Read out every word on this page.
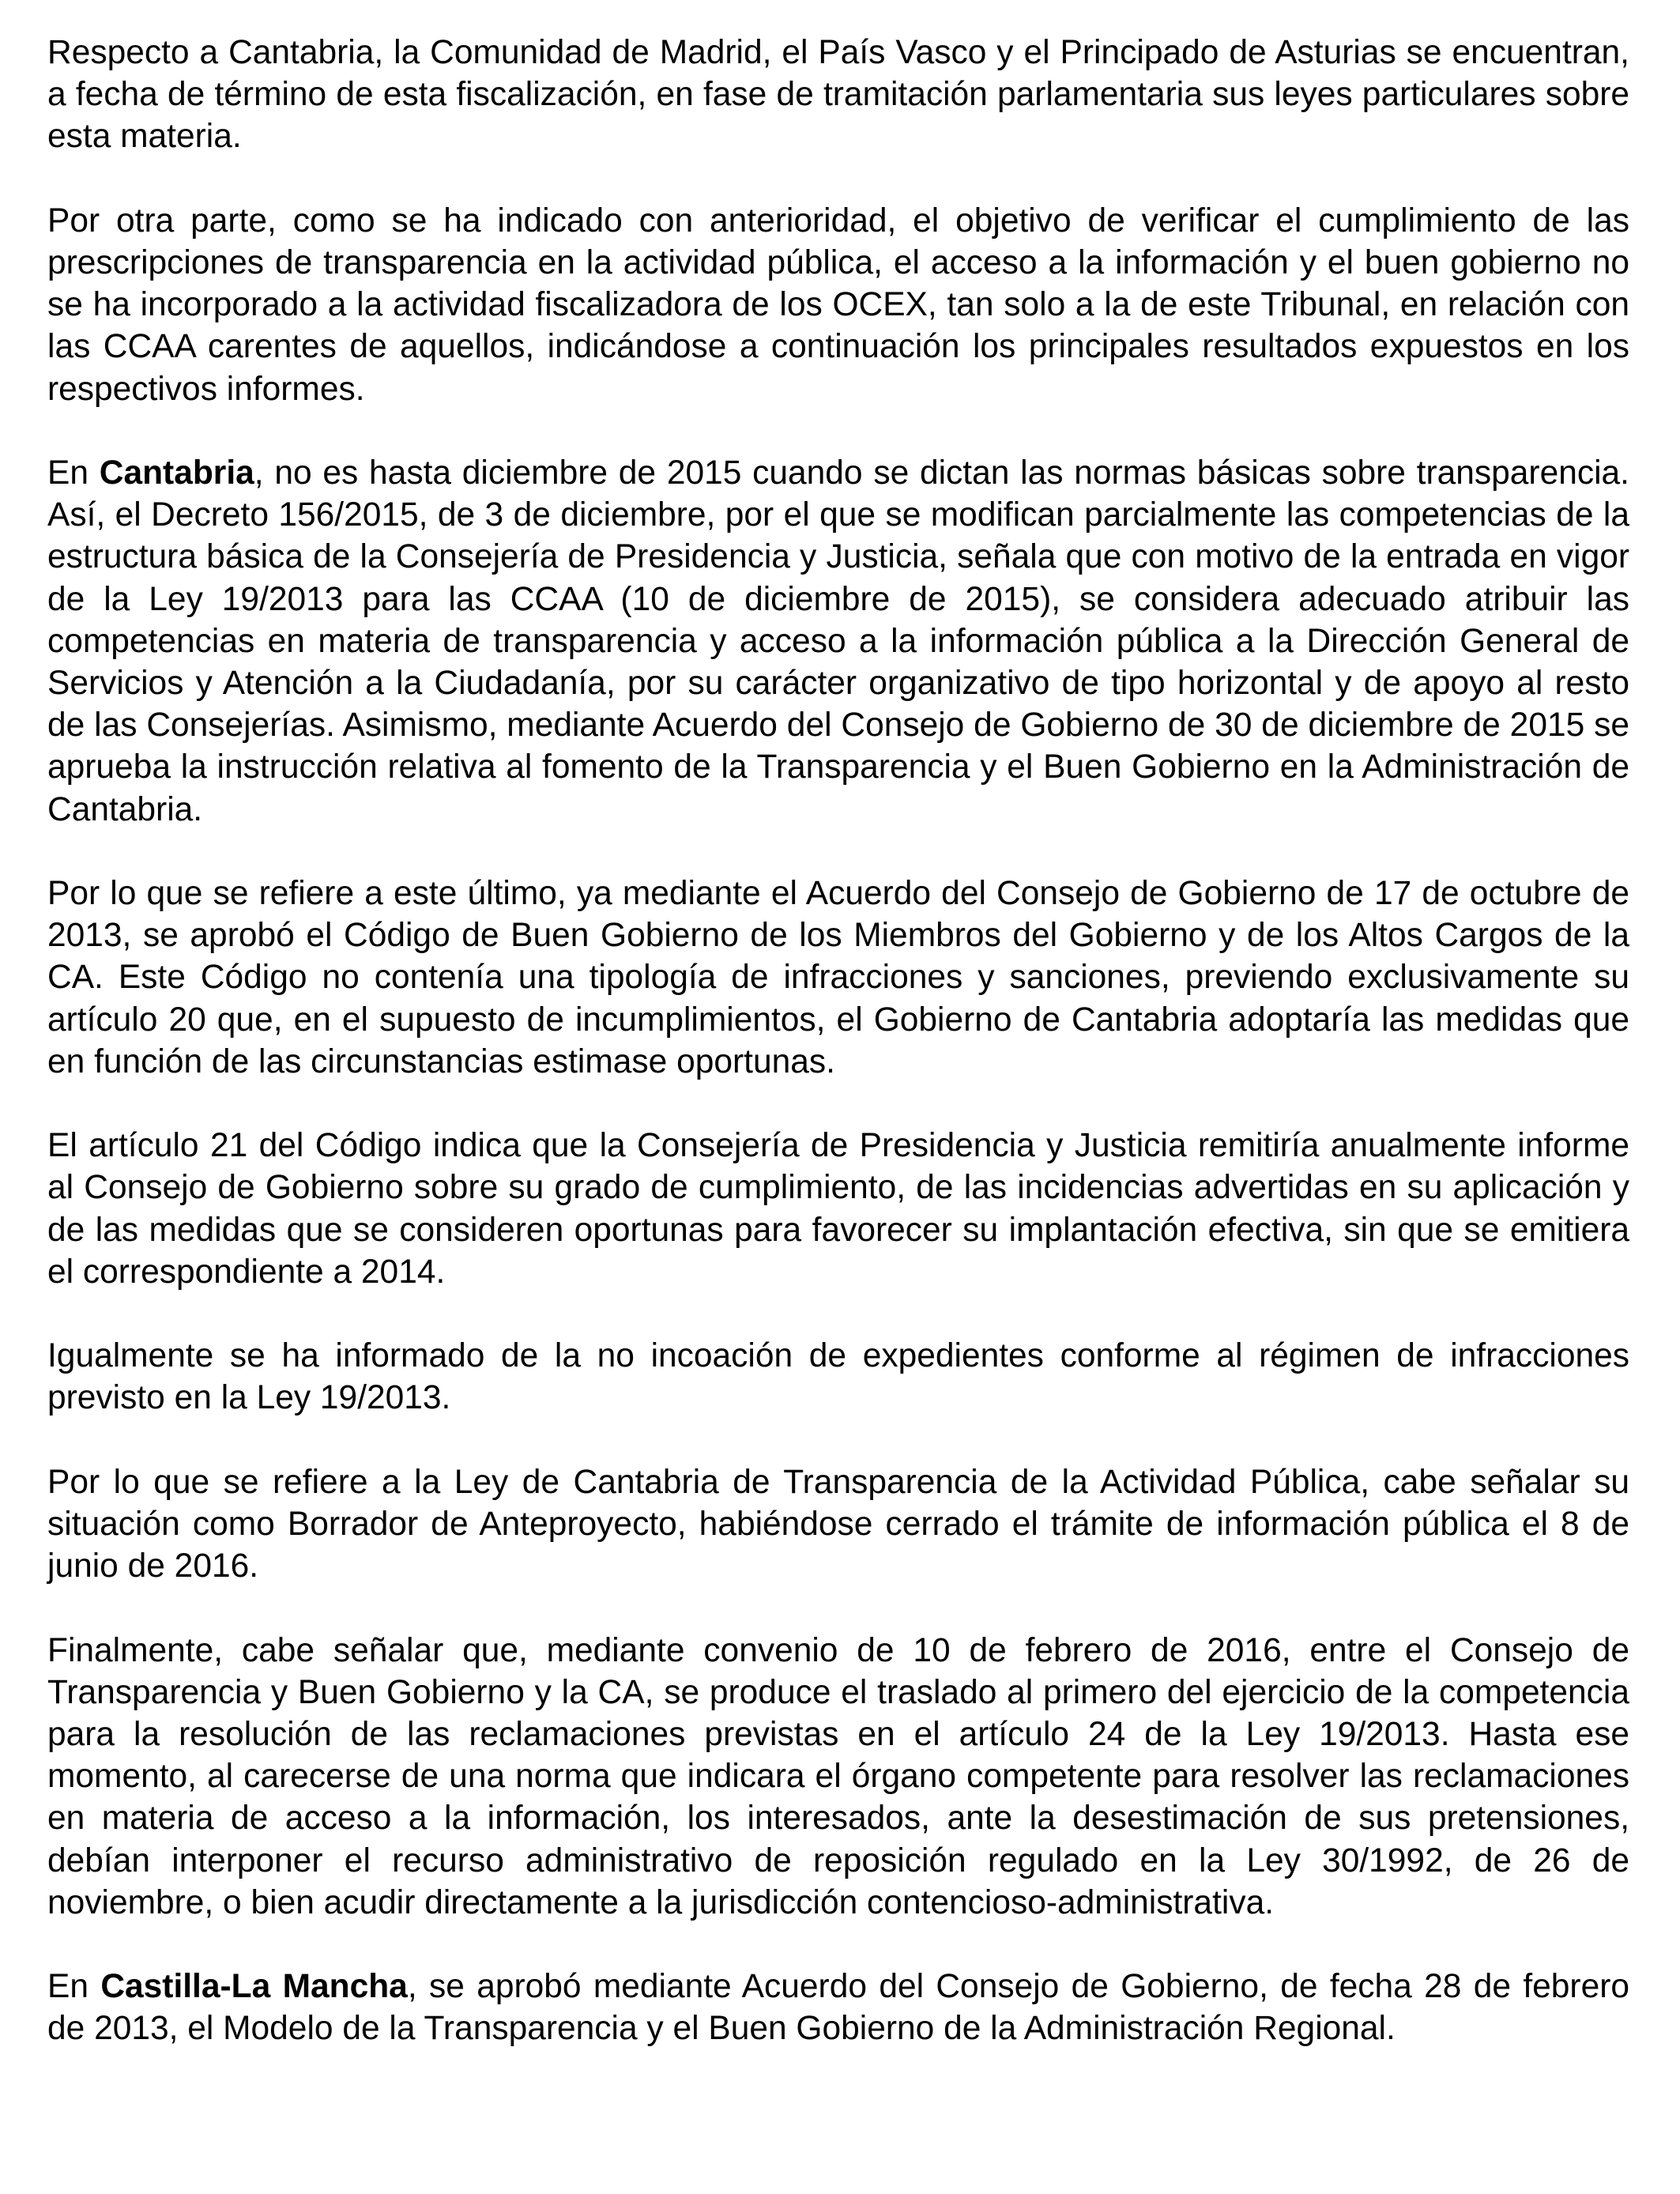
Respecto a Cantabria, la Comunidad de Madrid, el País Vasco y el Principado de Asturias se encuentran, a fecha de término de esta fiscalización, en fase de tramitación parlamentaria sus leyes particulares sobre esta materia.

Por otra parte, como se ha indicado con anterioridad, el objetivo de verificar el cumplimiento de las prescripciones de transparencia en la actividad pública, el acceso a la información y el buen gobierno no se ha incorporado a la actividad fiscalizadora de los OCEX, tan solo a la de este Tribunal, en relación con las CCAA carentes de aquellos, indicándose a continuación los principales resultados expuestos en los respectivos informes.

En Cantabria, no es hasta diciembre de 2015 cuando se dictan las normas básicas sobre transparencia. Así, el Decreto 156/2015, de 3 de diciembre, por el que se modifican parcialmente las competencias de la estructura básica de la Consejería de Presidencia y Justicia, señala que con motivo de la entrada en vigor de la Ley 19/2013 para las CCAA (10 de diciembre de 2015), se considera adecuado atribuir las competencias en materia de transparencia y acceso a la información pública a la Dirección General de Servicios y Atención a la Ciudadanía, por su carácter organizativo de tipo horizontal y de apoyo al resto de las Consejerías. Asimismo, mediante Acuerdo del Consejo de Gobierno de 30 de diciembre de 2015 se aprueba la instrucción relativa al fomento de la Transparencia y el Buen Gobierno en la Administración de Cantabria.

Por lo que se refiere a este último, ya mediante el Acuerdo del Consejo de Gobierno de 17 de octubre de 2013, se aprobó el Código de Buen Gobierno de los Miembros del Gobierno y de los Altos Cargos de la CA. Este Código no contenía una tipología de infracciones y sanciones, previendo exclusivamente su artículo 20 que, en el supuesto de incumplimientos, el Gobierno de Cantabria adoptaría las medidas que en función de las circunstancias estimase oportunas.

El artículo 21 del Código indica que la Consejería de Presidencia y Justicia remitiría anualmente informe al Consejo de Gobierno sobre su grado de cumplimiento, de las incidencias advertidas en su aplicación y de las medidas que se consideren oportunas para favorecer su implantación efectiva, sin que se emitiera el correspondiente a 2014.

Igualmente se ha informado de la no incoación de expedientes conforme al régimen de infracciones previsto en la Ley 19/2013.

Por lo que se refiere a la Ley de Cantabria de Transparencia de la Actividad Pública, cabe señalar su situación como Borrador de Anteproyecto, habiéndose cerrado el trámite de información pública el 8 de junio de 2016.

Finalmente, cabe señalar que, mediante convenio de 10 de febrero de 2016, entre el Consejo de Transparencia y Buen Gobierno y la CA, se produce el traslado al primero del ejercicio de la competencia para la resolución de las reclamaciones previstas en el artículo 24 de la Ley 19/2013. Hasta ese momento, al carecerse de una norma que indicara el órgano competente para resolver las reclamaciones en materia de acceso a la información, los interesados, ante la desestimación de sus pretensiones, debían interponer el recurso administrativo de reposición regulado en la Ley 30/1992, de 26 de noviembre, o bien acudir directamente a la jurisdicción contencioso-administrativa.

En Castilla-La Mancha, se aprobó mediante Acuerdo del Consejo de Gobierno, de fecha 28 de febrero de 2013, el Modelo de la Transparencia y el Buen Gobierno de la Administración Regional.
